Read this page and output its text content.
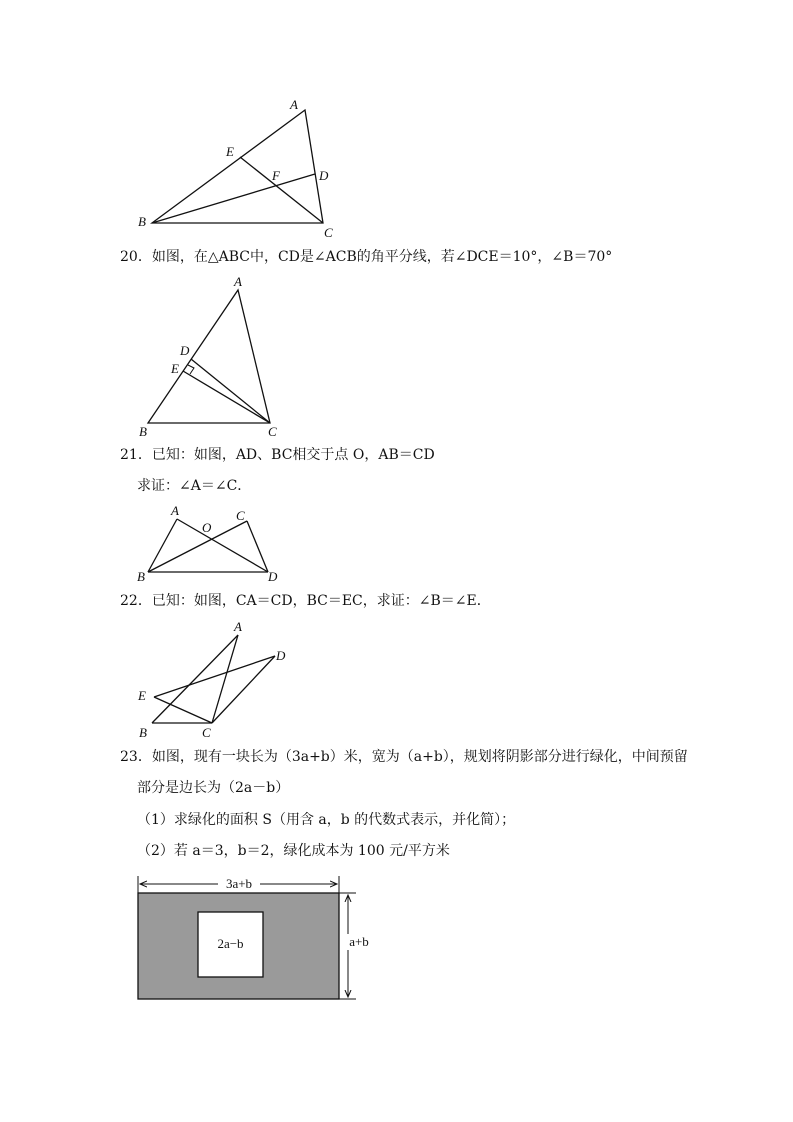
A
B
C
D
E
F
20．如图，在△ABC中，CD是∠ACB的角平分线，若∠DCE＝10°，∠B＝70°
A
B	C
D
E
21．已知：如图，AD、BC相交于点 O，AB＝CD
求证：∠A＝∠C．
A
B
C
D
O
22．已知：如图，CA＝CD，BC＝EC，求证：∠B＝∠E．
A
B	C
D
E
23．如图，现有一块长为（3a+b）米，宽为（a+b），规划将阴影部分进行绿化，中间预留
部分是边长为（2a－b）
（1）求绿化的面积 S（用含 a，b 的代数式表示，并化简）；
（2）若 a＝3，b＝2，绿化成本为 100 元/平方米
2a−b
3a+b
a+b
